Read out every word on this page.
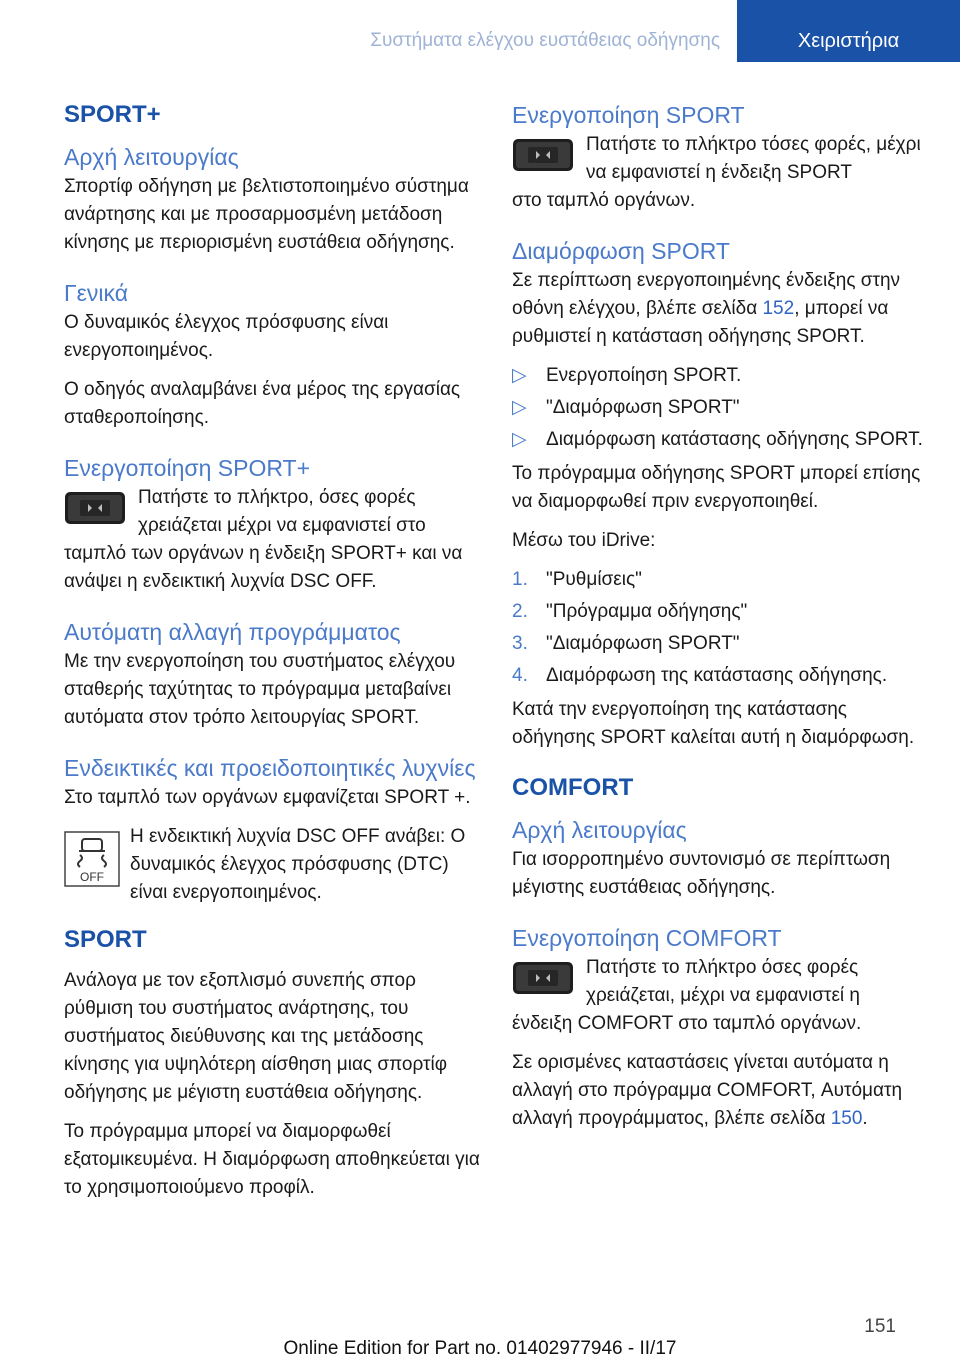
Συστήματα ελέγχου ευστάθειας οδήγησης	Χειριστήρια
SPORT+
Αρχή λειτουργίας

Σπορτίφ οδήγηση με βελτιστοποιημένο σύστημα ανάρτησης και με προσαρμοσμένη μετάδοση κίνησης με περιορισμένη ευστάθεια οδήγησης.

Γενικά

Ο δυναμικός έλεγχος πρόσφυσης είναι ενεργοποιημένος.

Ο οδηγός αναλαμβάνει ένα μέρος της εργασίας σταθεροποίησης.

Ενεργοποίηση SPORT+
Πατήστε το πλήκτρο, όσες φορές χρειάζεται μέχρι να εμφανιστεί στο
ταμπλό των οργάνων η ένδειξη SPORT+ και να ανάψει η ενδεικτική λυχνία DSC OFF.
Αυτόματη αλλαγή προγράμματος

Με την ενεργοποίηση του συστήματος ελέγχου σταθερής ταχύτητας το πρόγραμμα μεταβαίνει αυτόματα στον τρόπο λειτουργίας SPORT.

Ενδεικτικές και προειδοποιητικές λυχνίες

Στο ταμπλό των οργάνων εμφανίζεται SPORT +.

OFF
Η ενδεικτική λυχνία DSC OFF ανάβει: Ο δυναμικός έλεγχος πρόσφυσης (DTC) είναι ενεργοποιημένος.
SPORT

Ανάλογα με τον εξοπλισμό συνεπής σπορ ρύθμιση του συστήματος ανάρτησης, του συστήματος διεύθυνσης και της μετάδοσης κίνησης για υψηλότερη αίσθηση μιας σπορτίφ οδήγησης με μέγιστη ευστάθεια οδήγησης.

Το πρόγραμμα μπορεί να διαμορφωθεί εξατομικευμένα. Η διαμόρφωση αποθηκεύεται για το χρησιμοποιούμενο προφίλ.

Ενεργοποίηση SPORT
Πατήστε το πλήκτρο τόσες φορές, μέχρι να εμφανιστεί η ένδειξη SPORT
στο ταμπλό οργάνων.
Διαμόρφωση SPORT

Σε περίπτωση ενεργοποιημένης ένδειξης στην οθόνη ελέγχου, βλέπε σελίδα 152, μπορεί να ρυθμιστεί η κατάσταση οδήγησης SPORT.

▷	Ενεργοποίηση SPORT.
▷	"Διαμόρφωση SPORT"
▷	Διαμόρφωση κατάστασης οδήγησης SPORT.

Το πρόγραμμα οδήγησης SPORT μπορεί επίσης να διαμορφωθεί πριν ενεργοποιηθεί.

Μέσω του iDrive:

1. "Ρυθμίσεις"
2. "Πρόγραμμα οδήγησης"
3. "Διαμόρφωση SPORT"
4. Διαμόρφωση της κατάστασης οδήγησης.

Κατά την ενεργοποίηση της κατάστασης οδήγησης SPORT καλείται αυτή η διαμόρφωση.

COMFORT
Αρχή λειτουργίας

Για ισορροπημένο συντονισμό σε περίπτωση μέγιστης ευστάθειας οδήγησης.

Ενεργοποίηση COMFORT
Πατήστε το πλήκτρο όσες φορές χρειάζεται, μέχρι να εμφανιστεί η
ένδειξη COMFORT στο ταμπλό οργάνων.

Σε ορισμένες καταστάσεις γίνεται αυτόματα η αλλαγή στο πρόγραμμα COMFORT, Αυτόματη αλλαγή προγράμματος, βλέπε σελίδα 150.

151
Online Edition for Part no. 01402977946 - II/17
